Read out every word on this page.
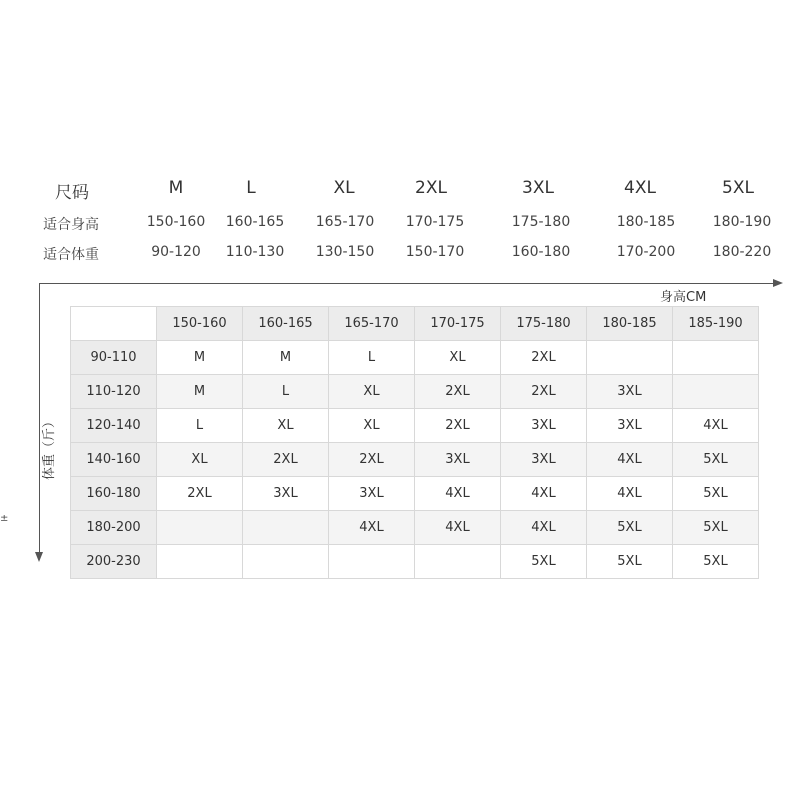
尺码	M	L	XL	2XL	3XL	4XL	5XL
适合身高	150-160 160-165 165-170 170-175	175-180	180-185	180-190
适合体重	90-120 110-130 130-150 150-170	160-180	170-200	180-220
身高CM
体重（斤）
±
	150-160	160-165	165-170	170-175	175-180	180-185	185-190
90-110	M	M	L	XL	2XL		
110-120	M	L	XL	2XL	2XL	3XL	
120-140	L	XL	XL	2XL	3XL	3XL	4XL
140-160	XL	2XL	2XL	3XL	3XL	4XL	5XL
160-180	2XL	3XL	3XL	4XL	4XL	4XL	5XL
180-200			4XL	4XL	4XL	5XL	5XL
200-230					5XL	5XL	5XL
